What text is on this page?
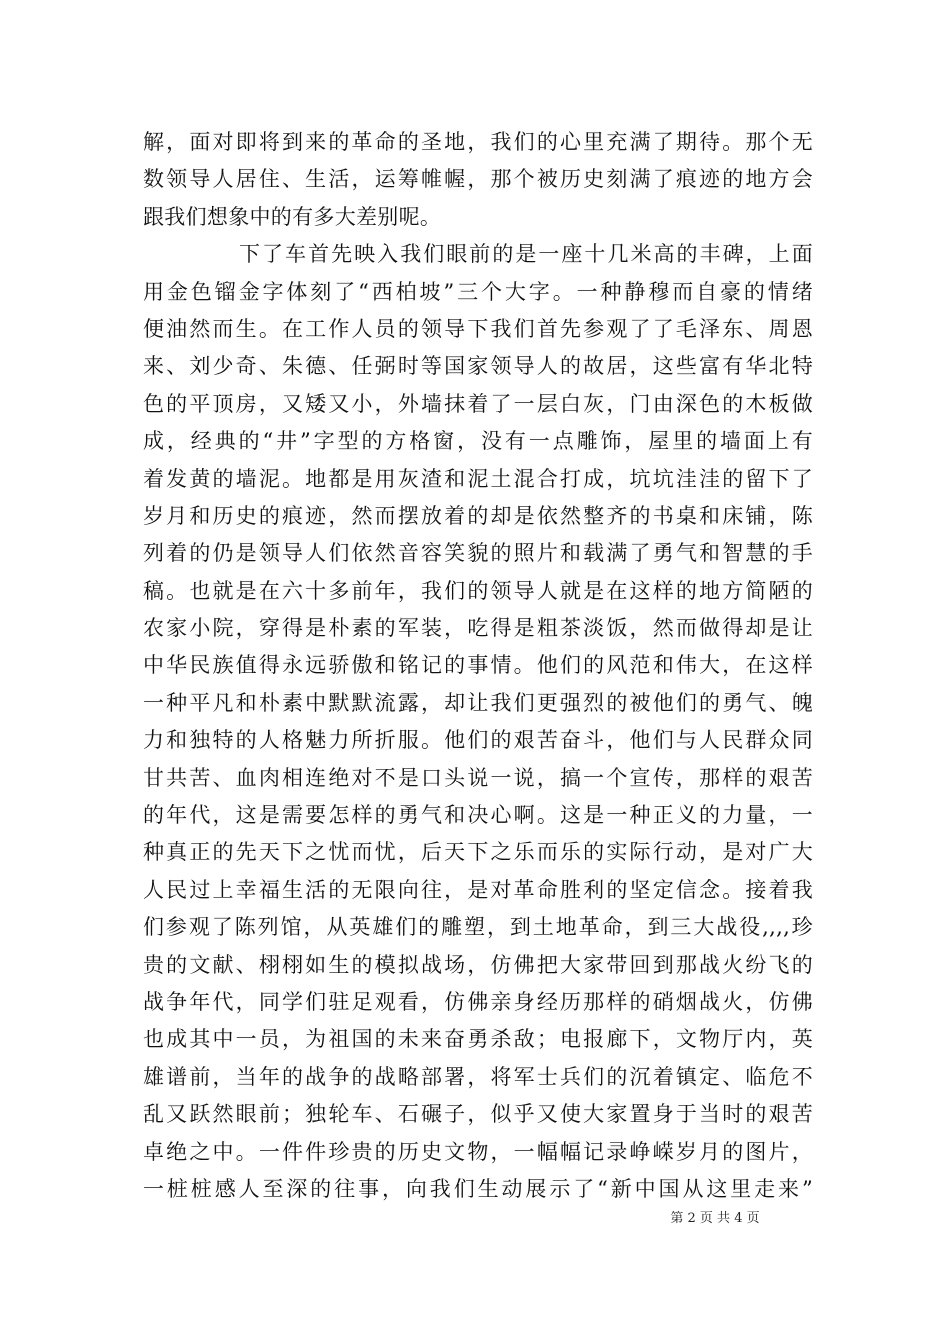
解，面对即将到来的革命的圣地，我们的心里充满了期待。那个无
数领导人居住、生活，运筹帷幄，那个被历史刻满了痕迹的地方会
跟我们想象中的有多大差别呢。
下了车首先映入我们眼前的是一座十几米高的丰碑，上面
用金色镏金字体刻了“西柏坡”三个大字。一种静穆而自豪的情绪
便油然而生。在工作人员的领导下我们首先参观了了毛泽东、周恩
来、刘少奇、朱德、任弼时等国家领导人的故居，这些富有华北特
色的平顶房，又矮又小，外墙抹着了一层白灰，门由深色的木板做
成，经典的“井”字型的方格窗，没有一点雕饰，屋里的墙面上有
着发黄的墙泥。地都是用灰渣和泥土混合打成，坑坑洼洼的留下了
岁月和历史的痕迹，然而摆放着的却是依然整齐的书桌和床铺，陈
列着的仍是领导人们依然音容笑貌的照片和载满了勇气和智慧的手
稿。也就是在六十多前年，我们的领导人就是在这样的地方简陋的
农家小院，穿得是朴素的军装，吃得是粗茶淡饭，然而做得却是让
中华民族值得永远骄傲和铭记的事情。他们的风范和伟大，在这样
一种平凡和朴素中默默流露，却让我们更强烈的被他们的勇气、魄
力和独特的人格魅力所折服。他们的艰苦奋斗，他们与人民群众同
甘共苦、血肉相连绝对不是口头说一说，搞一个宣传，那样的艰苦
的年代，这是需要怎样的勇气和决心啊。这是一种正义的力量，一
种真正的先天下之忧而忧，后天下之乐而乐的实际行动，是对广大
人民过上幸福生活的无限向往，是对革命胜利的坚定信念。接着我
们参观了陈列馆，从英雄们的雕塑，到土地革命，到三大战役,,,,珍
贵的文献、栩栩如生的模拟战场，仿佛把大家带回到那战火纷飞的
战争年代，同学们驻足观看，仿佛亲身经历那样的硝烟战火，仿佛
也成其中一员，为祖国的未来奋勇杀敌；电报廊下，文物厅内，英
雄谱前，当年的战争的战略部署，将军士兵们的沉着镇定、临危不
乱又跃然眼前；独轮车、石碾子，似乎又使大家置身于当时的艰苦
卓绝之中。一件件珍贵的历史文物，一幅幅记录峥嵘岁月的图片，
一桩桩感人至深的往事，向我们生动展示了“新中国从这里走来”
第 2 页 共 4 页
